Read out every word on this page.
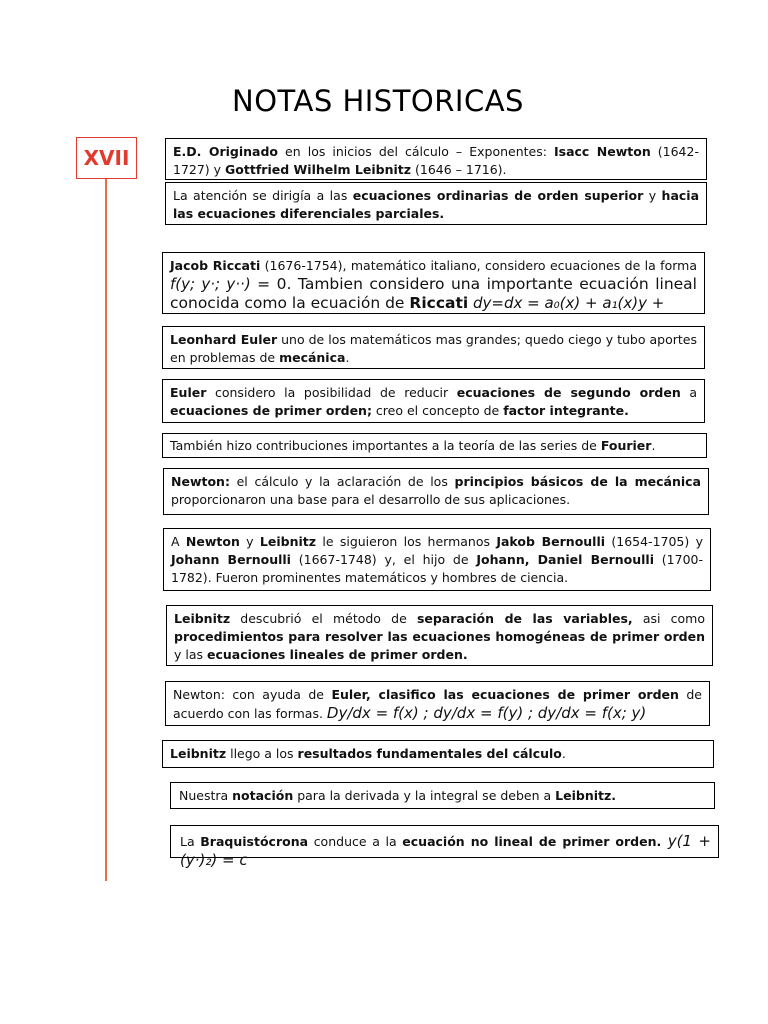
NOTAS HISTORICAS
XVII	E.D. Originado en los inicios del cálculo – Exponentes: Isacc Newton (1642-1727) y Gottfried Wilhelm Leibnitz (1646 – 1716).
La atención se dirigía a las ecuaciones ordinarias de orden superior y hacia las ecuaciones diferenciales parciales.
Jacob Riccati (1676-1754), matemático italiano, considero ecuaciones de la forma f(y; y·; y··) = 0. Tambien considero una importante ecuación lineal conocida como la ecuación de Riccati dy=dx = a₀(x) + a₁(x)y +
Leonhard Euler uno de los matemáticos mas grandes; quedo ciego y tubo aportes en problemas de mecánica.
Euler considero la posibilidad de reducir ecuaciones de segundo orden a ecuaciones de primer orden; creo el concepto de factor integrante.
También hizo contribuciones importantes a la teoría de las series de Fourier.
Newton: el cálculo y la aclaración de los principios básicos de la mecánica proporcionaron una base para el desarrollo de sus aplicaciones.
A Newton y Leibnitz le siguieron los hermanos Jakob Bernoulli (1654-1705) y Johann Bernoulli (1667-1748) y, el hijo de Johann, Daniel Bernoulli (1700-1782). Fueron prominentes matemáticos y hombres de ciencia.
Leibnitz descubrió el método de separación de las variables, asi como procedimientos para resolver las ecuaciones homogéneas de primer orden y las ecuaciones lineales de primer orden.
Newton: con ayuda de Euler, clasifico las ecuaciones de primer orden de acuerdo con las formas. Dy/dx = f(x) ; dy/dx = f(y) ; dy/dx = f(x; y)
Leibnitz llego a los resultados fundamentales del cálculo.
Nuestra notación para la derivada y la integral se deben a Leibnitz.
La Braquistócrona conduce a la ecuación no lineal de primer orden. y(1 + (y·)₂) = c
